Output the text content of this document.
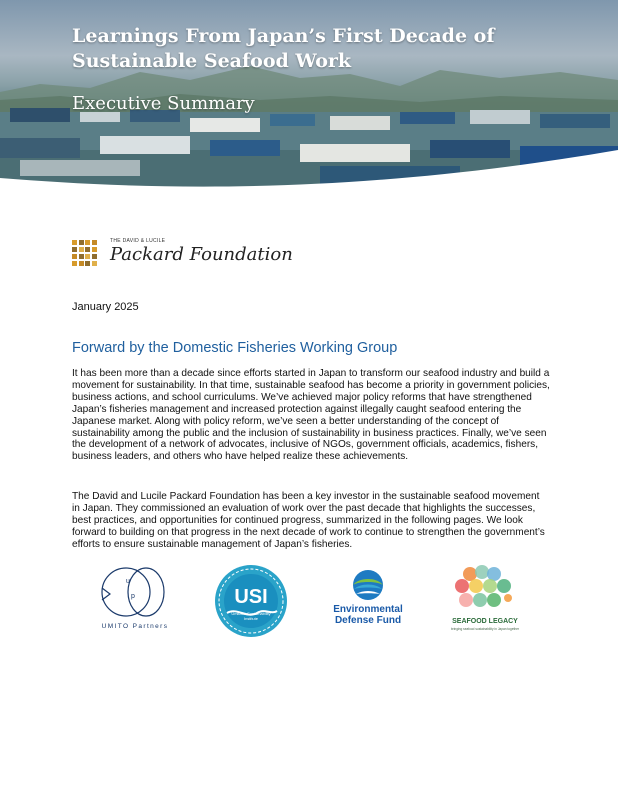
Learnings From Japan’s First Decade of Sustainable Seafood Work
Executive Summary
THE DAVID & LUCILE
Packard Foundation
January 2025
Forward by the Domestic Fisheries Working Group

It has been more than a decade since efforts started in Japan to transform our seafood industry and build a movement for sustainability. In that time, sustainable seafood has become a priority in government policies, business actions, and school curriculums. We’ve achieved major policy reforms that have strengthened Japan’s fisheries management and increased protection against illegally caught seafood entering the Japanese market. Along with policy reform, we’ve seen a better understanding of the concept of sustainability among the public and the inclusion of sustainability in business practices. Finally, we’ve seen the development of a network of advocates, inclusive of NGOs, government officials, academics, fishers, business leaders, and others who have helped realize these achievements.

The David and Lucile Packard Foundation has been a key investor in the sustainable seafood movement in Japan. They commissioned an evaluation of work over the past decade that highlights the successes, best practices, and opportunities for continued progress, summarized in the following pages. We look forward to building on that progress in the next decade of work to continue to strengthen the government’s efforts to ensure sustainable management of Japan’s fisheries.

u
p
UMITO Partners
USI
Umitaku Sustainability Institute
Environmental Defense Fund	SEAFOOD LEGACY
bringing seafood sustainability in Japan together
